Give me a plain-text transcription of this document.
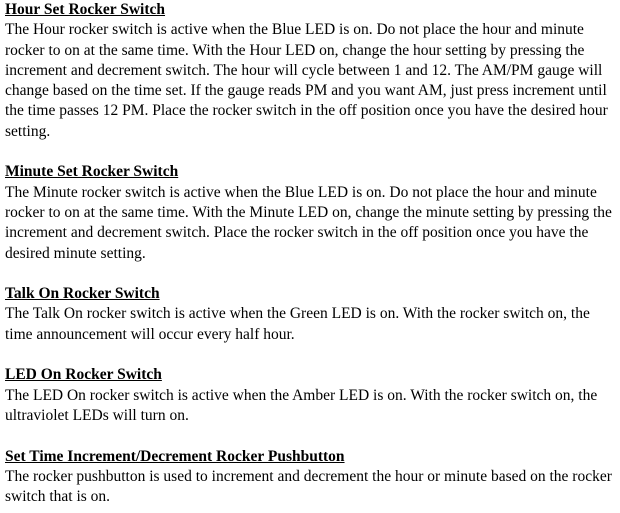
Hour Set Rocker Switch

The Hour rocker switch is active when the Blue LED is on. Do not place the hour and minute rocker to on at the same time. With the Hour LED on, change the hour setting by pressing the increment and decrement switch. The hour will cycle between 1 and 12. The AM/PM gauge will change based on the time set. If the gauge reads PM and you want AM, just press increment until the time passes 12 PM. Place the rocker switch in the off position once you have the desired hour setting.

Minute Set Rocker Switch

The Minute rocker switch is active when the Blue LED is on. Do not place the hour and minute rocker to on at the same time. With the Minute LED on, change the minute setting by pressing the increment and decrement switch. Place the rocker switch in the off position once you have the desired minute setting.

Talk On Rocker Switch

The Talk On rocker switch is active when the Green LED is on. With the rocker switch on, the time announcement will occur every half hour.

LED On Rocker Switch

The LED On rocker switch is active when the Amber LED is on. With the rocker switch on, the ultraviolet LEDs will turn on.

Set Time Increment/Decrement Rocker Pushbutton

The rocker pushbutton is used to increment and decrement the hour or minute based on the rocker switch that is on.
